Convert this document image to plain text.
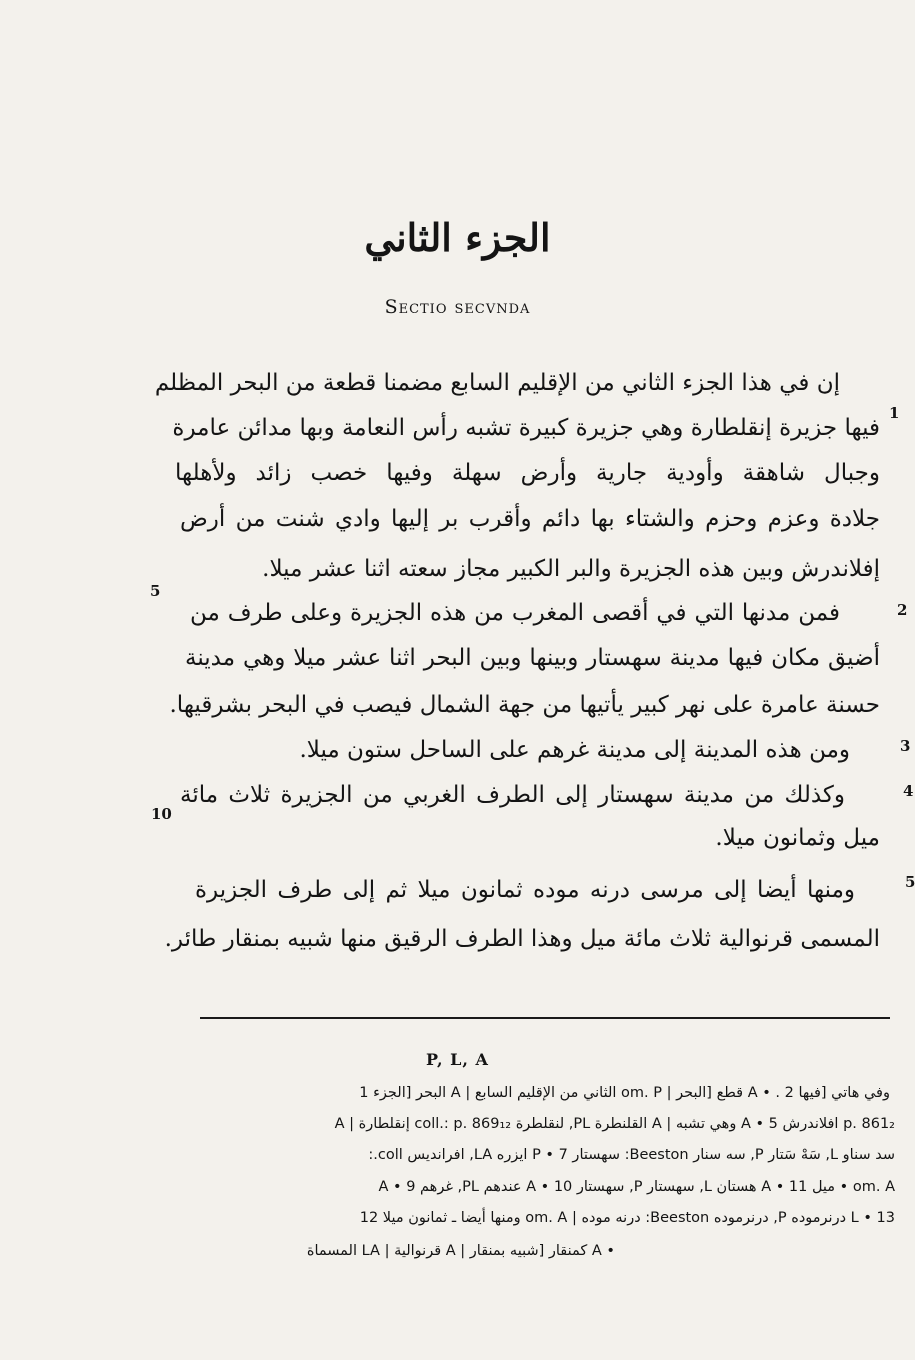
الجزء الثاني
Sectio secvnda
إن في هذا الجزء الثاني من الإقليم السابع مضمنا قطعة من البحر المظلم
فيها جزيرة إنقلطارة وهي جزيرة كبيرة تشبه رأس النعامة وبها مدائن عامرة
وجبال شاهقة وأودية جارية وأرض سهلة وفيها خصب زائد ولأهلها
جلادة وعزم وحزم والشتاء بها دائم وأقرب بر إليها وادي شنت من أرض
إفلاندرش وبين هذه الجزيرة والبر الكبير مجاز سعته اثنا عشر ميلا.
فمن مدنها التي في أقصى المغرب من هذه الجزيرة وعلى طرف من
أضيق مكان فيها مدينة سهستار وبينها وبين البحر اثنا عشر ميلا وهي مدينة
حسنة عامرة على نهر كبير يأتيها من جهة الشمال فيصب في البحر بشرقيها.
ومن هذه المدينة إلى مدينة غرهم على الساحل ستون ميلا.
وكذلك من مدينة سهستار إلى الطرف الغربي من الجزيرة ثلاث مائة
ميل وثمانون ميلا.
ومنها أيضا إلى مرسى درنه موده ثمانون ميلا ثم إلى طرف الجزيرة
المسمى قرنوالية ثلاث مائة ميل وهذا الطرف الرقيق منها شبيه بمنقار طائر.
1
2
3
4
5
5
10
P, L, A
وفي هاتي [فيها 2 . • A قطع [البحر | om. P الثاني من الإقليم السابع | A البحر [الجزء 1
p. 861₂ افلاندرش 5 • A وهي تشبه | A القلنطرة PL, لنقلطرة coll.: p. 869₁₂ إنقلطارة | A
سد سناو L, سَهْ سَتار P, سه سنار Beeston: سهستار 7 • P ايزره LA, افرانديس coll.:
om. A • ميل 11 • A هستان L, سهستار P, سهستار 10 • A عندهم PL, غرهم 9 • A
13 • L درنرموده P, درنرموده Beeston: درنه موده | om. A ومنها أيضا ـ ثمانون ميلا 12
• A كمنقار [شبيه بمنقار | A قرنوالية | LA المسماة
